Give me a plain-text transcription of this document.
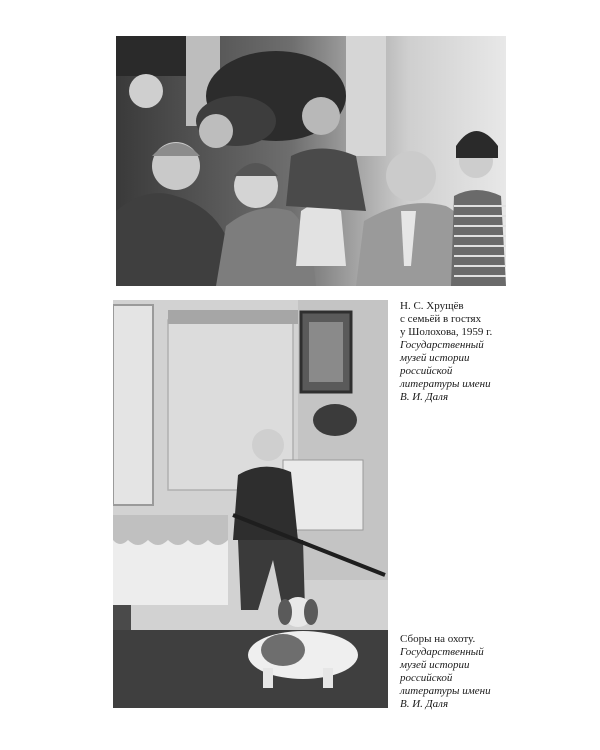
Н. С. Хрущёв
с семьёй в гостях
у Шолохова, 1959 г.
Государственный
музей истории
российской
литературы имени
В. И. Даля
Сборы на охоту.
Государственный
музей истории
российской
литературы имени
В. И. Даля
